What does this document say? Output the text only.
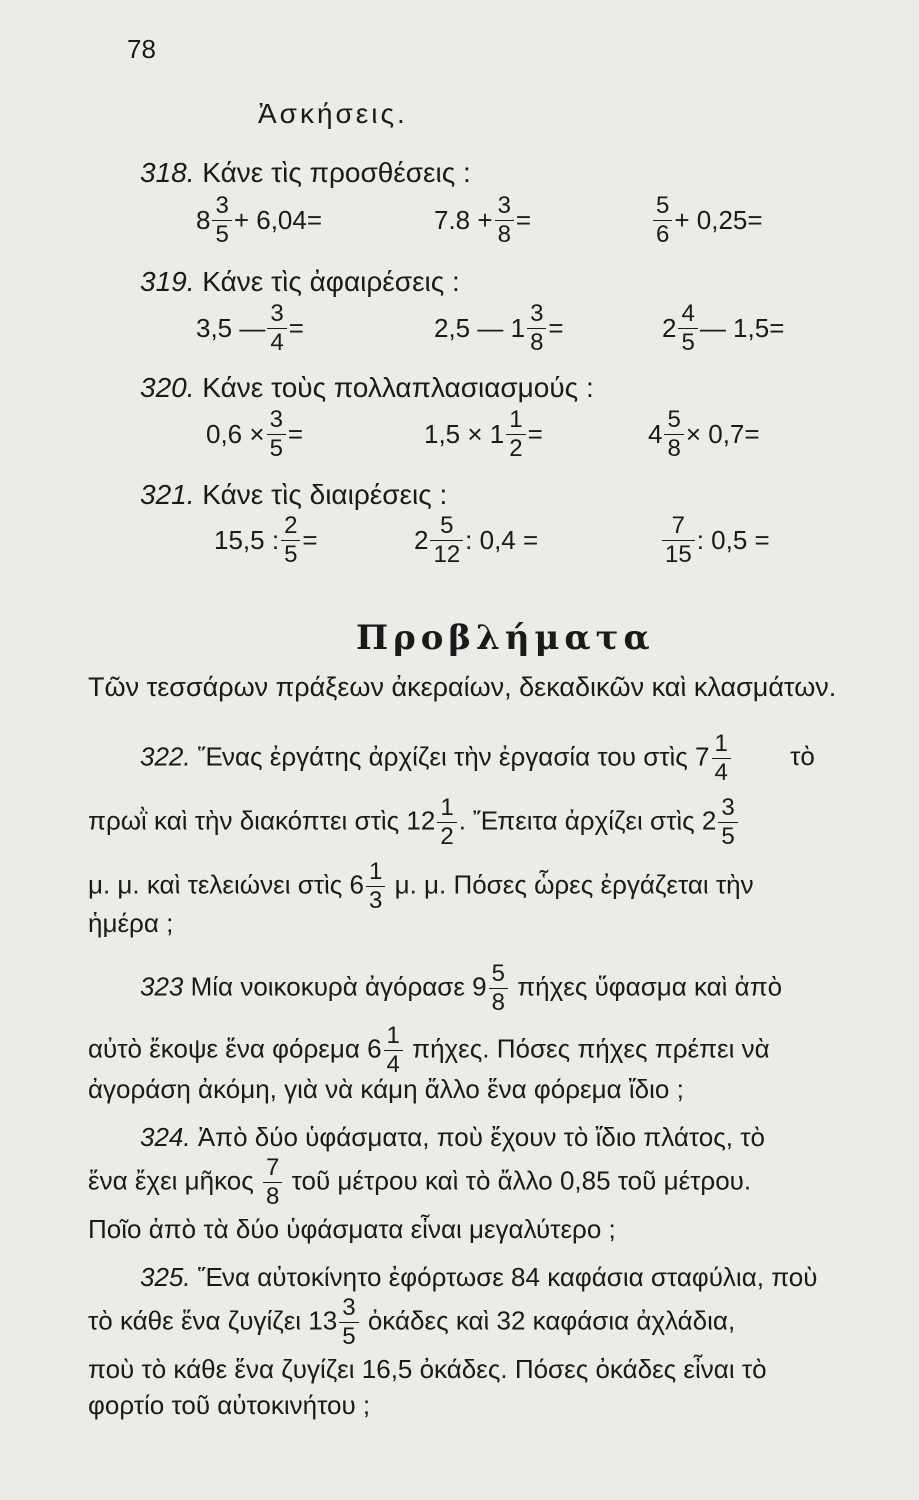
78
Ἀσκήσεις.
318. Κάνε τὶς προσθέσεις :
$8 \frac{3}{5} + 6,04=$	$7.8 + \frac{3}{8}$ =	$\frac{5}{6} + 0,25=$
319. Κάνε τὶς ἀφαιρέσεις :
3,5 — $\frac{3}{4}$ =	2,5 — $1 \frac{3}{8}$ =	$2 \frac{4}{5}$ — 1,5=
320. Κάνε τοὺς πολλαπλασιασμούς :
$0,6 \times \frac{3}{5}$ =	$1,5 \times 1 \frac{1}{2}$ =	$4 \frac{5}{8} \times 0,7=$
321. Κάνε τὶς διαιρέσεις :
15,5 : $\frac{2}{5}$ =	$2 \frac{5}{12}$ : 0,4 =	$\frac{7}{15}$ : 0,5 =
Προβλήματα
Τῶν τεσσάρων πράξεων ἀκεραίων, δεκαδικῶν καὶ κλασμάτων.
322. Ἕνας ἐργάτης ἀρχίζει τὴν ἐργασία του στὶς $7 \frac{1}{4}$ τὸ
πρωῒ καὶ τὴν διακόπτει στὶς $12 \frac{1}{2}$ . Ἔπειτα ἀρχίζει στὶς $2 \frac{3}{5}$
μ. μ. καὶ τελειώνει στὶς $6 \frac{1}{3} \mu$. μ. Πόσες ὧρες ἐργάζεται τὴν
ἡμέρα ;
323 Μία νοικοκυρὰ ἀγόρασε $9 \frac{5}{8}$ πήχες ὕφασμα καὶ ἀπὸ
αὐτὸ ἔκοψε ἕνα φόρεμα $6 \frac{1}{4} \pi ή\chi\varepsilon\varsigma$. Πόσες πήχες πρέπει νὰ
ἀγοράση ἀκόμη, γιὰ νὰ κάμη ἄλλο ἕνα φόρεμα ἴδιο ;
324. Ἀπὸ δύο ὑφάσματα, ποὺ ἔχουν τὸ ἴδιο πλάτος, τὸ
ἕνα ἔχει μῆκος $\frac{7}{8}$ τοῦ μέτρου καὶ τὸ ἄλλο 0,85 τοῦ μέτρου.
Ποῖο ἀπὸ τὰ δύο ὑφάσματα εἶναι μεγαλύτερο ;
325. Ἕνα αὐτοκίνητο ἐφόρτωσε 84 καφάσια σταφύλια, ποὺ
τὸ κάθε ἕνα ζυγίζει $13 \frac{3}{5}$ ὀκάδες καὶ 32 καφάσια ἀχλάδια,
ποὺ τὸ κάθε ἕνα ζυγίζει 16,5 ὀκάδες. Πόσες ὀκάδες εἶναι τὸ
φορτίο τοῦ αὐτοκινήτου ;
